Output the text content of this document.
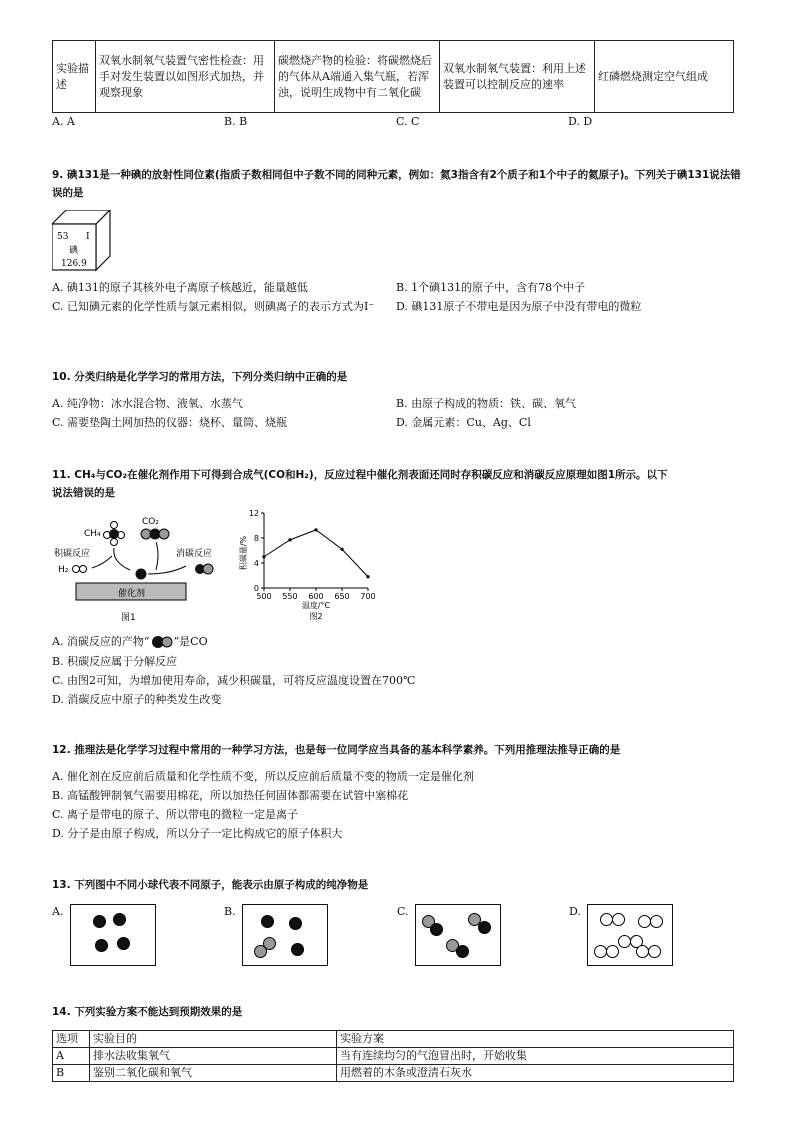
实验描述	双氧水制氧气装置气密性检查：用手对发生装置以如图形式加热，并观察现象	碳燃烧产物的检验：将碳燃烧后的气体从A端通入集气瓶，若浑浊，说明生成物中有二氧化碳	双氧水制氧气装置：利用上述装置可以控制反应的速率	红磷燃烧测定空气组成
A. A	B. B	C. C	D. D
9. 碘131是一种碘的放射性同位素(指质子数相同但中子数不同的同种元素，例如：氦3指含有2个质子和1个中子的氦原子)。下列关于碘131说法错误的是
53 I
碘
126.9
A. 碘131的原子其核外电子离原子核越近，能量越低	B. 1个碘131的原子中，含有78个中子
C. 已知碘元素的化学性质与氯元素相似，则碘离子的表示方式为I⁻	D. 碘131原子不带电是因为原子中没有带电的微粒
10. 分类归纳是化学学习的常用方法，下列分类归纳中正确的是
A. 纯净物：冰水混合物、液氧、水蒸气	B. 由原子构成的物质：铁、碳、氧气
C. 需要垫陶土网加热的仪器：烧杯、量筒、烧瓶	D. 金属元素：Cu、Ag、Cl
11. CH₄与CO₂在催化剂作用下可得到合成气(CO和H₂)，反应过程中催化剂表面还同时存积碳反应和消碳反应原理如图1所示。以下
说法错误的是
CH₄
CO₂
积碳反应	消碳反应
H₂
催化剂
图1
500 550 600 650 700
0
4
8
12
积碳量/%
温度/°C
图2
A. 消碳反应的产物“ ”是CO
B. 积碳反应属于分解反应
C. 由图2可知，为增加使用寿命，减少积碳量，可将反应温度设置在700℃
D. 消碳反应中原子的种类发生改变
12. 推理法是化学学习过程中常用的一种学习方法，也是每一位同学应当具备的基本科学素养。下列用推理法推导正确的是
A. 催化剂在反应前后质量和化学性质不变，所以反应前后质量不变的物质一定是催化剂
B. 高锰酸钾制氧气需要用棉花，所以加热任何固体都需要在试管中塞棉花
C. 离子是带电的原子、所以带电的微粒一定是离子
D. 分子是由原子构成，所以分子一定比构成它的原子体积大
13. 下列图中不同小球代表不同原子，能表示由原子构成的纯净物是
A.	B.	C.	D.
14. 下列实验方案不能达到预期效果的是
选项	实验目的	实验方案
A	排水法收集氧气	当有连续均匀的气泡冒出时，开始收集
B	鉴别二氧化碳和氧气	用燃着的木条或澄清石灰水
